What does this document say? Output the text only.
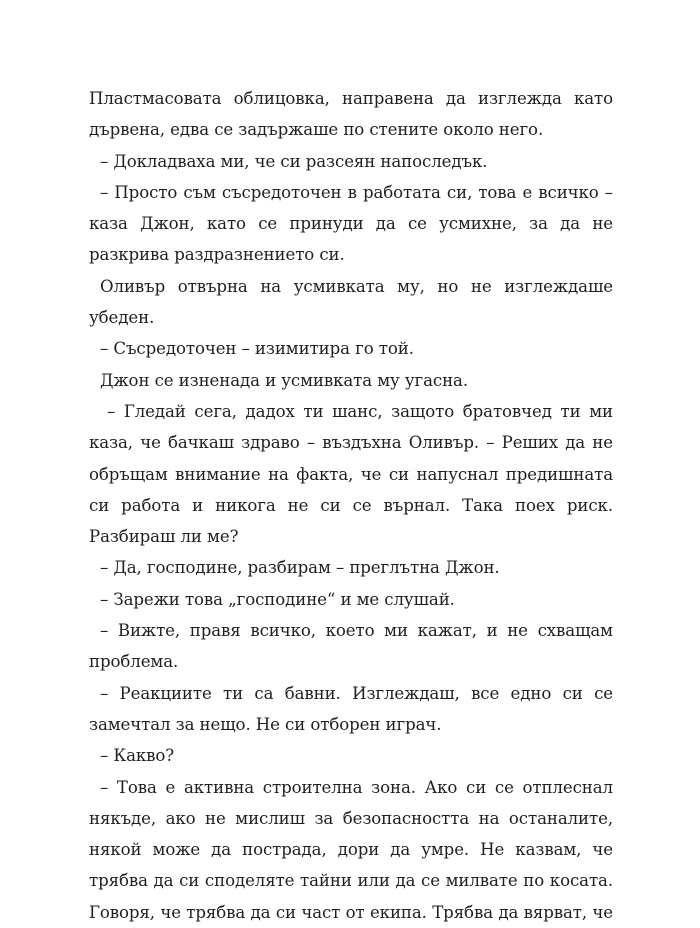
Пластмасовата облицовка, направена да изглежда като дървена, едва се задържаше по стените около него.

– Докладваха ми, че си разсеян напоследък.

– Просто съм съсредоточен в работата си, това е всичко – каза Джон, като се принуди да се усмихне, за да не разкрива раздразнението си.

Оливър отвърна на усмивката му, но не изглеждаше убеден.

– Съсредоточен – изимитира го той.

Джон се изненада и усмивката му угасна.

– Гледай сега, дадох ти шанс, защото братовчед ти ми каза, че бачкаш здраво – въздъхна Оливър. – Реших да не обръщам внимание на факта, че си напуснал предишната си работа и никога не си се върнал. Така поех риск. Разбираш ли ме?

– Да, господине, разбирам – преглътна Джон.

– Зарежи това „господине“ и ме слушай.

– Вижте, правя всичко, което ми кажат, и не схващам проблема.

– Реакциите ти са бавни. Изглеждаш, все едно си се замечтал за нещо. Не си отборен играч.

– Какво?

– Това е активна строителна зона. Ако си се отплеснал някъде, ако не мислиш за безопасността на останалите, някой може да пострада, дори да умре. Не казвам, че трябва да си споделяте тайни или да се милвате по косата. Говоря, че трябва да си част от екипа. Трябва да вярват, че
